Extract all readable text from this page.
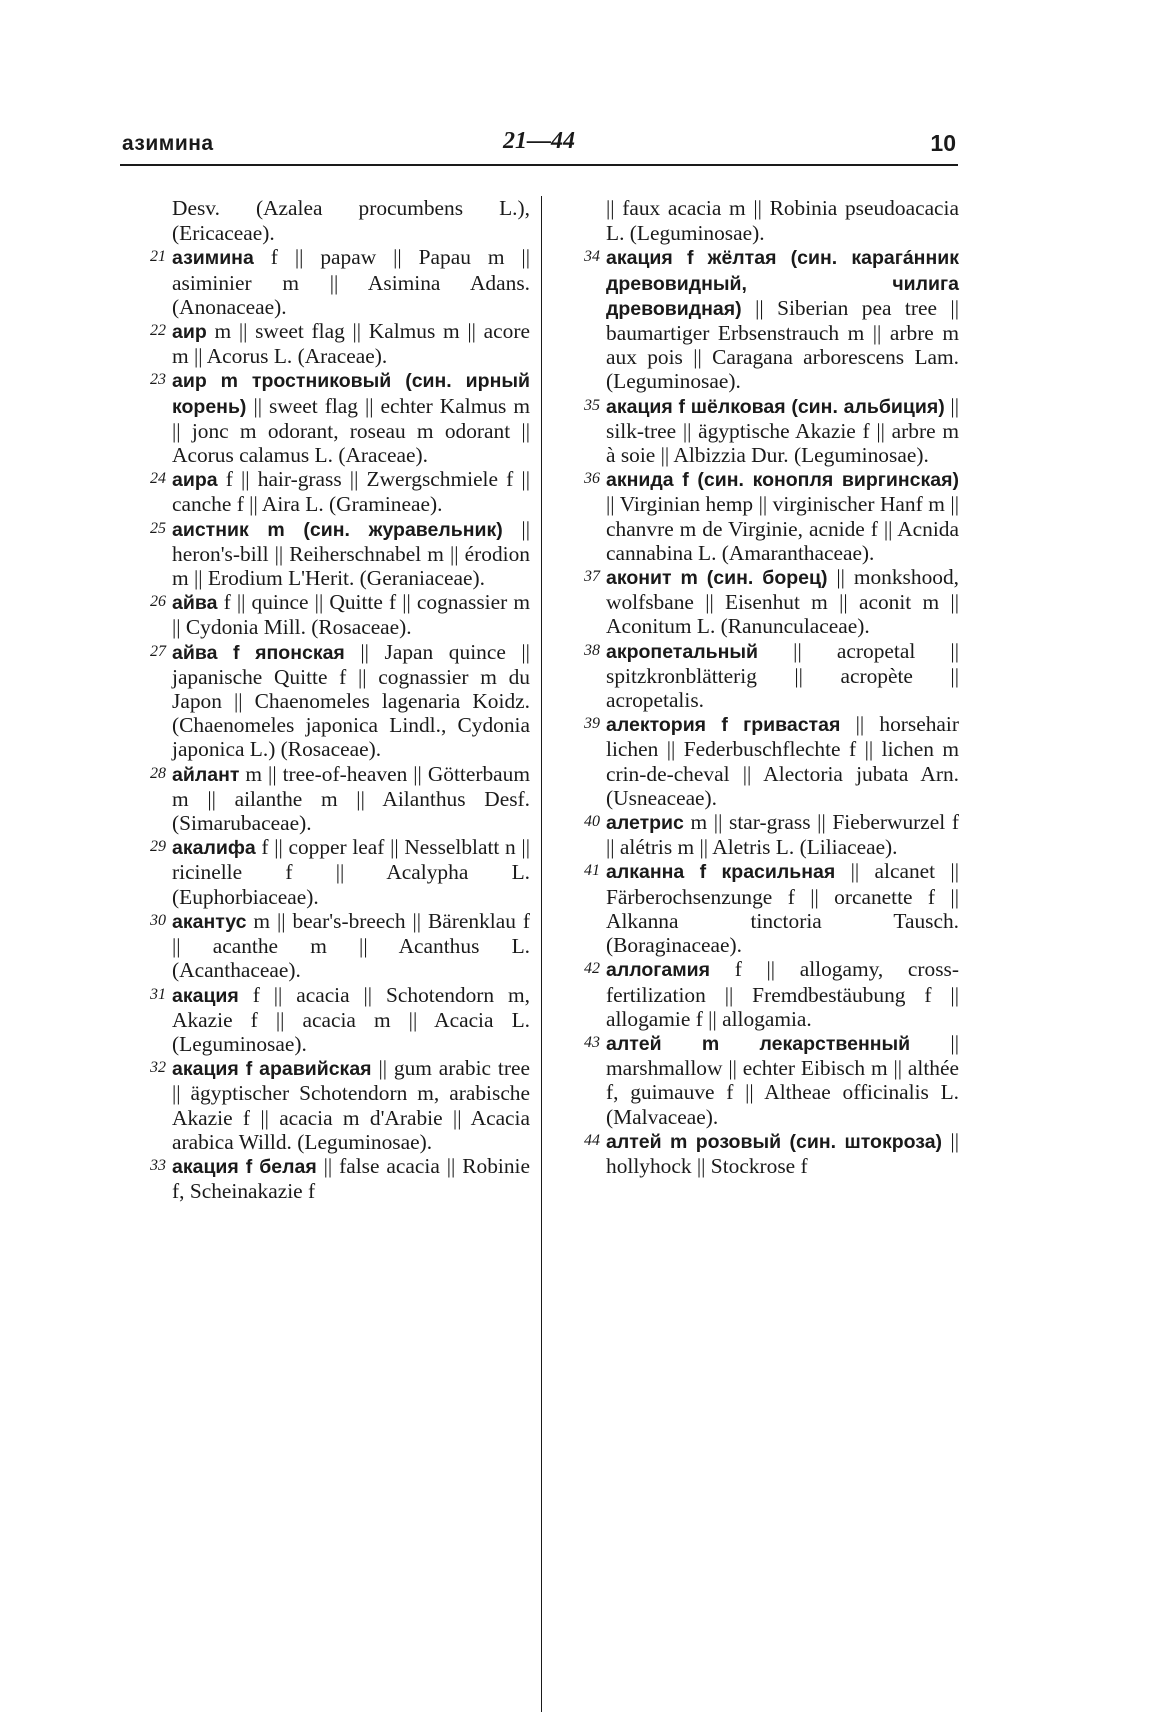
азимина	21—44	10
Desv. (Azalea procumbens L.), (Ericaceae).
21 азимина f || papaw || Papau m || asiminier m || Asimina Adans. (Anonaceae).
22 аир m || sweet flag || Kalmus m || acore m || Acorus L. (Araceae).
23 аир m тростниковый (син. ирный корень) || sweet flag || echter Kalmus m || jonc m odorant, roseau m odorant || Acorus calamus L. (Araceae).
24 аира f || hair-grass || Zwergschmiele f || canche f || Aira L. (Gramineae).
25 аистник m (син. журавельник) || heron's-bill || Reiherschnabel m || érodion m || Erodium L'Herit. (Geraniaceae).
26 айва f || quince || Quitte f || cognassier m || Cydonia Mill. (Rosaceae).
27 айва f японская || Japan quince || japanische Quitte f || cognassier m du Japon || Chaenomeles lagenaria Koidz. (Chaenomeles japonica Lindl., Cydonia japonica L.) (Rosaceae).
28 айлант m || tree-of-heaven || Götterbaum m || ailanthe m || Ailanthus Desf. (Simarubaceae).
29 акалифа f || copper leaf || Nesselblatt n || ricinelle f || Acalypha L. (Euphorbiaceae).
30 акантус m || bear's-breech || Bärenklau f || acanthe m || Acanthus L. (Acanthaceae).
31 акация f || acacia || Schotendorn m, Akazie f || acacia m || Acacia L. (Leguminosae).
32 акация f аравийская || gum arabic tree || ägyptischer Schotendorn m, arabische Akazie f || acacia m d'Arabie || Acacia arabica Willd. (Leguminosae).
33 акация f белая || false acacia || Robinie f, Scheinakazie f
|| faux acacia m || Robinia pseudoacacia L. (Leguminosae).
34 акация f жёлтая (син. карагáнник древовидный, чилига древовидная) || Siberian pea tree || baumartiger Erbsenstrauch m || arbre m aux pois || Caragana arborescens Lam. (Leguminosae).
35 акация f шёлковая (син. альбиция) || silk-tree || ägyptische Akazie f || arbre m à soie || Albizzia Dur. (Leguminosae).
36 акнида f (син. конопля виргинская) || Virginian hemp || virginischer Hanf m || chanvre m de Virginie, acnide f || Acnida cannabina L. (Amaranthaceae).
37 аконит m (син. борец) || monkshood, wolfsbane || Eisenhut m || aconit m || Aconitum L. (Ranunculaceae).
38 акропетальный || acropetal || spitzkronblätterig || acropète || acropetalis.
39 алектория f гривастая || horsehair lichen || Federbuschflechte f || lichen m crin-de-cheval || Alectoria jubata Arn. (Usneaceae).
40 алетрис m || star-grass || Fieberwurzel f || alétris m || Aletris L. (Liliaceae).
41 алканна f красильная || alcanet || Färberochsenzunge f || orcanette f || Alkanna tinctoria Tausch. (Boraginaceae).
42 аллогамия f || allogamy, cross-fertilization || Fremdbestäubung f || allogamie f || allogamia.
43 алтей m лекарственный || marshmallow || echter Eibisch m || althée f, guimauve f || Altheae officinalis L. (Malvaceae).
44 алтей m розовый (син. штокроза) || hollyhock || Stockrose f
